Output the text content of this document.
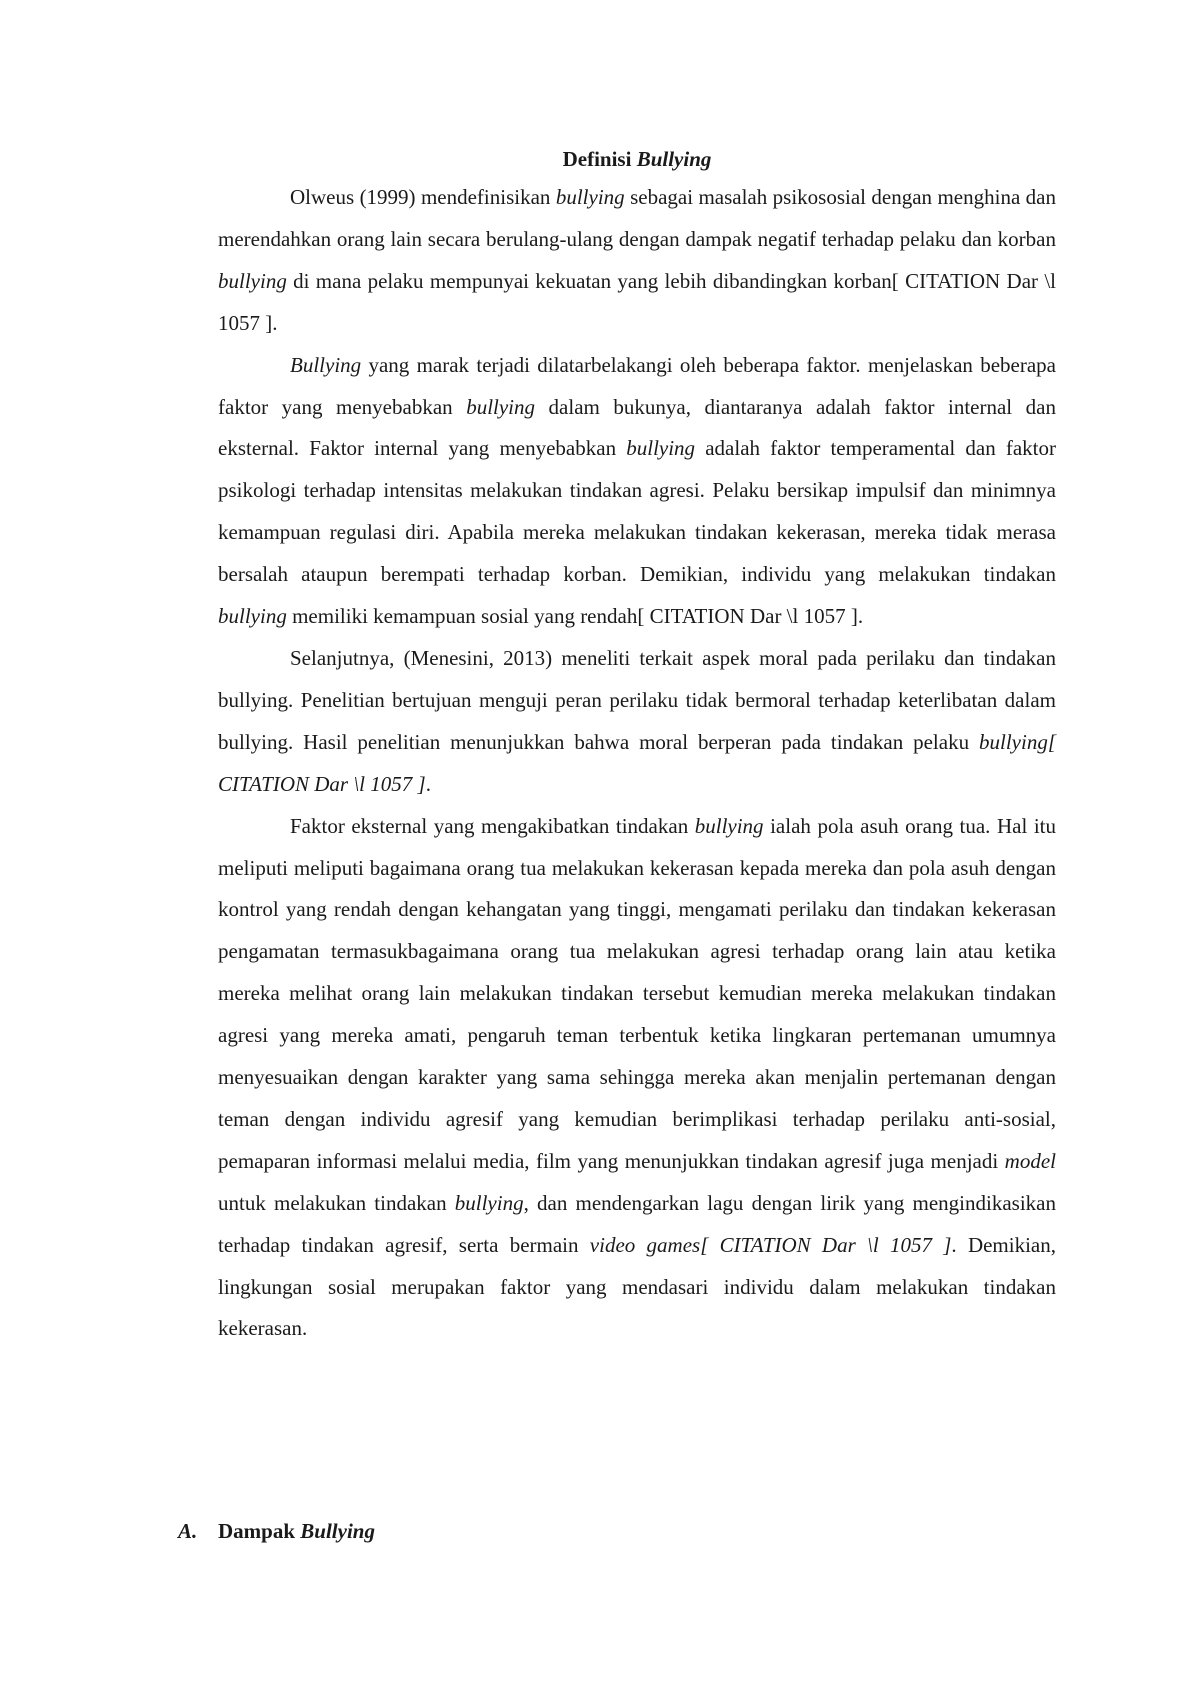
Definisi Bullying

Olweus (1999) mendefinisikan bullying sebagai masalah psikososial dengan menghina dan merendahkan orang lain secara berulang-ulang dengan dampak negatif terhadap pelaku dan korban bullying di mana pelaku mempunyai kekuatan yang lebih dibandingkan korban[ CITATION Dar \l 1057 ].

Bullying yang marak terjadi dilatarbelakangi oleh beberapa faktor. menjelaskan beberapa faktor yang menyebabkan bullying dalam bukunya, diantaranya adalah faktor internal dan eksternal. Faktor internal yang menyebabkan bullying adalah faktor temperamental dan faktor psikologi terhadap intensitas melakukan tindakan agresi. Pelaku bersikap impulsif dan minimnya kemampuan regulasi diri. Apabila mereka melakukan tindakan kekerasan, mereka tidak merasa bersalah ataupun berempati terhadap korban. Demikian, individu yang melakukan tindakan bullying memiliki kemampuan sosial yang rendah[ CITATION Dar \l 1057 ].

Selanjutnya, (Menesini, 2013) meneliti terkait aspek moral pada perilaku dan tindakan bullying. Penelitian bertujuan menguji peran perilaku tidak bermoral terhadap keterlibatan dalam bullying. Hasil penelitian menunjukkan bahwa moral berperan pada tindakan pelaku bullying[ CITATION Dar \l 1057 ].

Faktor eksternal yang mengakibatkan tindakan bullying ialah pola asuh orang tua. Hal itu meliputi meliputi bagaimana orang tua melakukan kekerasan kepada mereka dan pola asuh dengan kontrol yang rendah dengan kehangatan yang tinggi, mengamati perilaku dan tindakan kekerasan pengamatan termasukbagaimana orang tua melakukan agresi terhadap orang lain atau ketika mereka melihat orang lain melakukan tindakan tersebut kemudian mereka melakukan tindakan agresi yang mereka amati, pengaruh teman terbentuk ketika lingkaran pertemanan umumnya menyesuaikan dengan karakter yang sama sehingga mereka akan menjalin pertemanan dengan teman dengan individu agresif yang kemudian berimplikasi terhadap perilaku anti-sosial, pemaparan informasi melalui media, film yang menunjukkan tindakan agresif juga menjadi model untuk melakukan tindakan bullying, dan mendengarkan lagu dengan lirik yang mengindikasikan terhadap tindakan agresif, serta bermain video games[ CITATION Dar \l 1057 ]. Demikian, lingkungan sosial merupakan faktor yang mendasari individu dalam melakukan tindakan kekerasan.

A. Dampak Bullying
